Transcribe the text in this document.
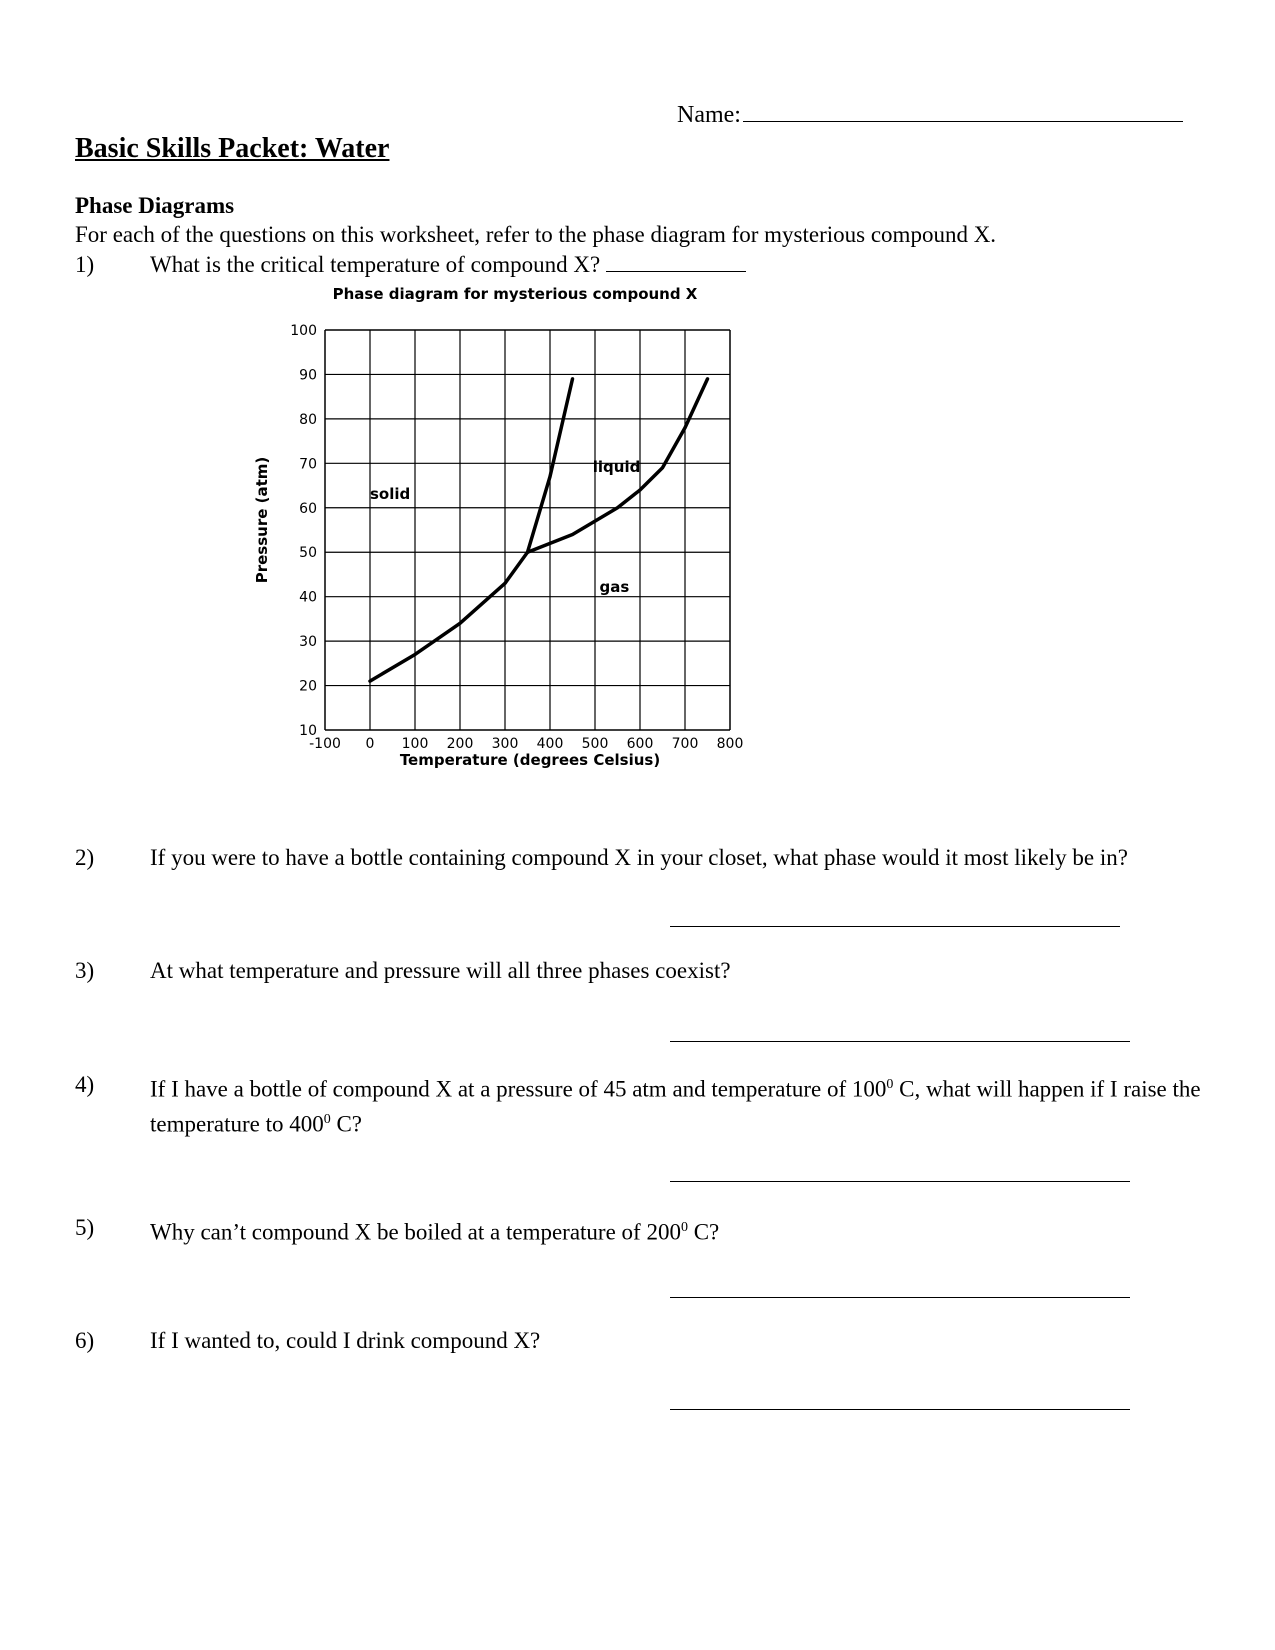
Name:
Basic Skills Packet: Water
Phase Diagrams
For each of the questions on this worksheet, refer to the phase diagram for mysterious compound X.
1) What is the critical temperature of compound X?
Phase diagram for mysterious compound X
-100 0 100 200 300 400 500 600 700 800
100
90
80
70
60
50
40
30
20
10
solid
liquid
gas
Temperature (degrees Celsius)
Pressure (atm)
2) If you were to have a bottle containing compound X in your closet, what phase would it most likely be in?
3) At what temperature and pressure will all three phases coexist?
4) If I have a bottle of compound X at a pressure of 45 atm and temperature of $100^0$ C, what will happen if I raise the temperature to $400^0$ C?
5) Why can’t compound X be boiled at a temperature of $200^0$ C?
6) If I wanted to, could I drink compound X?
